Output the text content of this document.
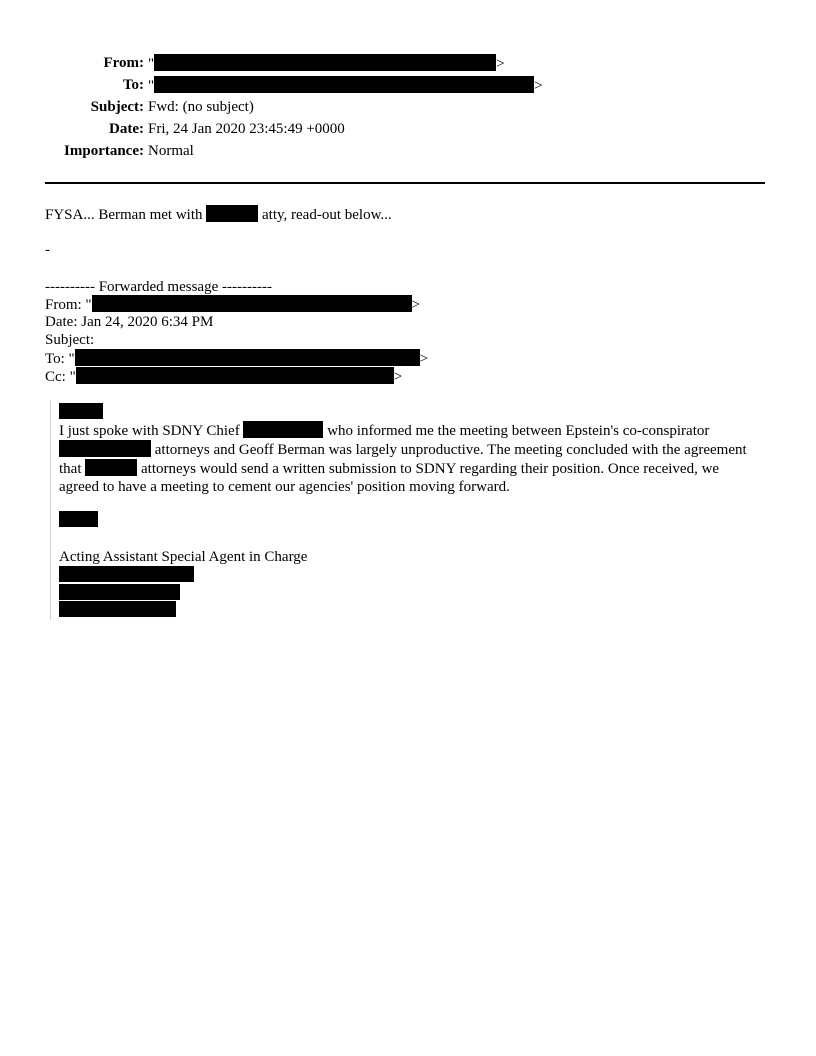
From: "	>
To: "	>
Subject: Fwd: (no subject)
Date: Fri, 24 Jan 2020 23:45:49 +0000
Importance: Normal
FYSA... Berman met with	atty, read-out below...
-
---------- Forwarded message ----------
From: "	>
Date: Jan 24, 2020 6:34 PM
Subject:
To: "	>
Cc: "	>
I just spoke with SDNY Chief	who informed me the meeting between Epstein's co-conspirator  attorneys and Geoff Berman was largely unproductive. The meeting concluded with the agreement that	attorneys would send a written submission to SDNY regarding their position. Once received, we agreed to have a meeting to cement our agencies' position moving forward.
Acting Assistant Special Agent in Charge
